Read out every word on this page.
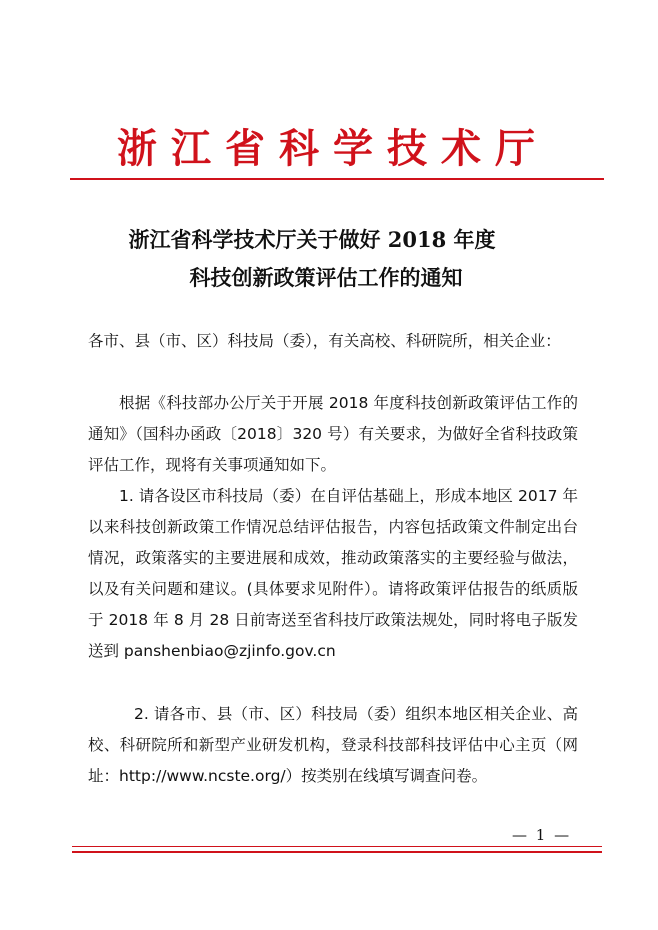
浙江省科学技术厅
浙江省科学技术厅关于做好 2018 年度
科技创新政策评估工作的通知
各市、县（市、区）科技局（委），有关高校、科研院所，相关企业：
根据《科技部办公厅关于开展 2018 年度科技创新政策评估工作的通知》（国科办函政〔2018〕320 号）有关要求，为做好全省科技政策评估工作，现将有关事项通知如下。
1. 请各设区市科技局（委）在自评估基础上，形成本地区 2017 年以来科技创新政策工作情况总结评估报告，内容包括政策文件制定出台情况，政策落实的主要进展和成效，推动政策落实的主要经验与做法，以及有关问题和建议。(具体要求见附件）。请将政策评估报告的纸质版于 2018 年 8 月 28 日前寄送至省科技厅政策法规处，同时将电子版发送到 panshenbiao@zjinfo.gov.cn
2. 请各市、县（市、区）科技局（委）组织本地区相关企业、高校、科研院所和新型产业研发机构，登录科技部科技评估中心主页（网址：http://www.ncste.org/）按类别在线填写调查问卷。
— 1 —
